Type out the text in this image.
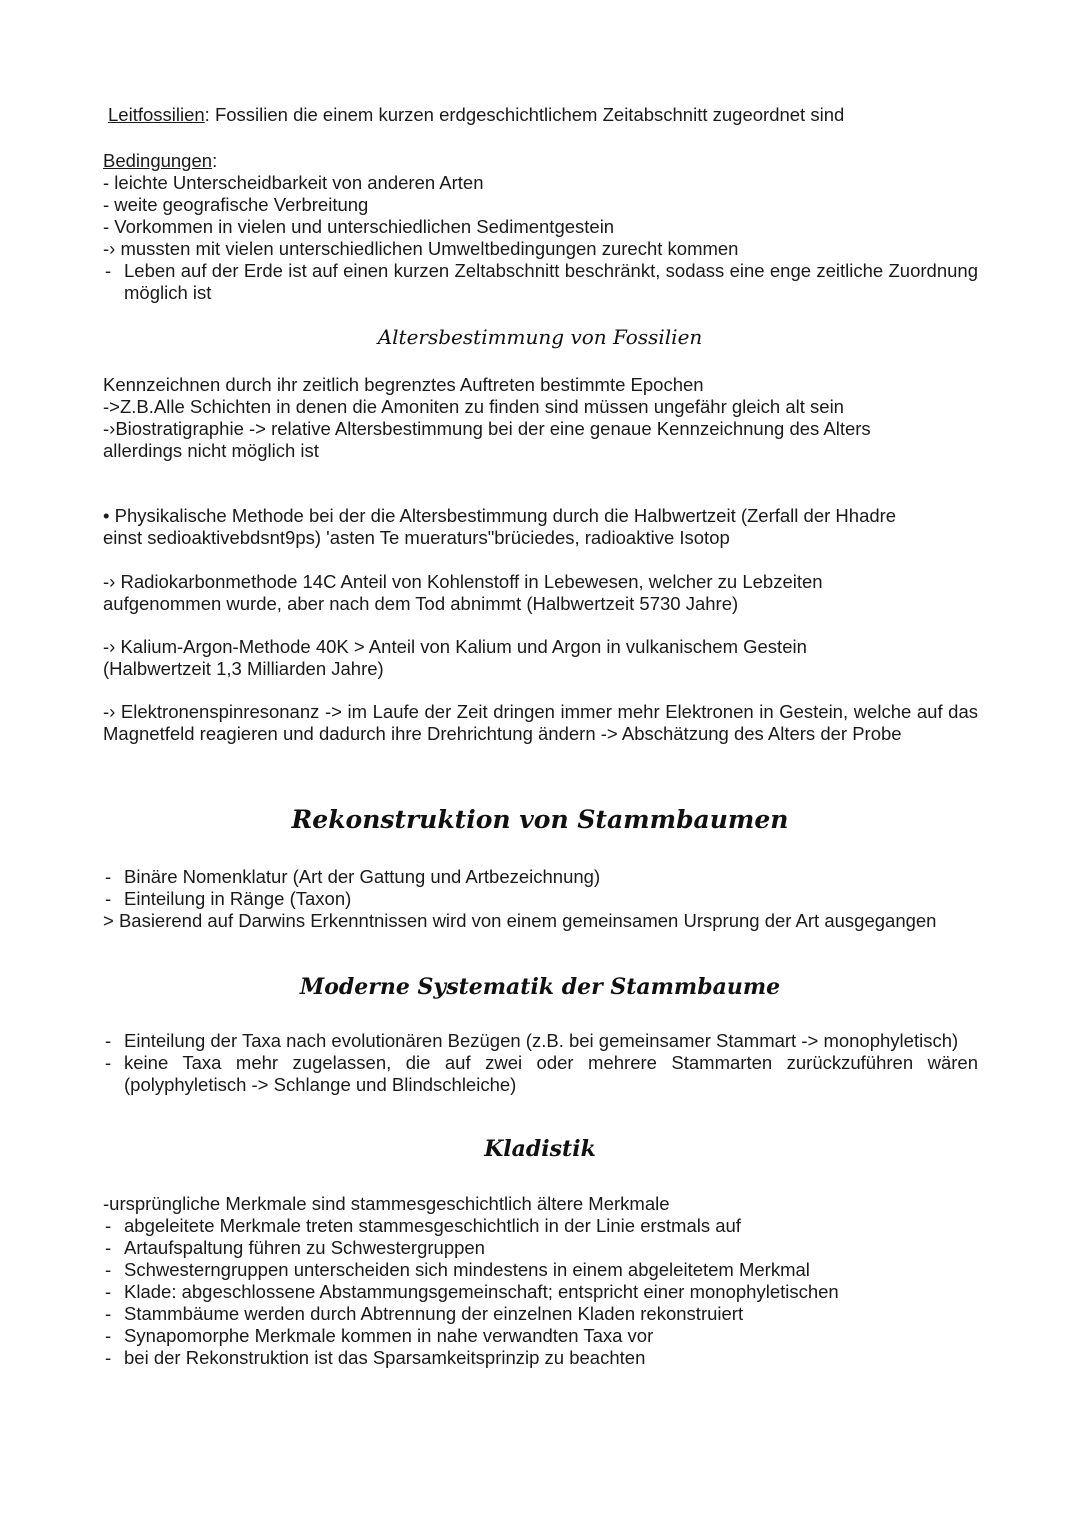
Leitfossilien: Fossilien die einem kurzen erdgeschichtlichem Zeitabschnitt zugeordnet sind

Bedingungen:
- leichte Unterscheidbarkeit von anderen Arten
- weite geografische Verbreitung
- Vorkommen in vielen und unterschiedlichen Sedimentgestein
-› mussten mit vielen unterschiedlichen Umweltbedingungen zurecht kommen
- Leben auf der Erde ist auf einen kurzen Zeltabschnitt beschränkt, sodass eine enge zeitliche Zuordnung möglich ist
Altersbestimmung von Fossilien

Kennzeichnen durch ihr zeitlich begrenztes Auftreten bestimmte Epochen
->Z.B.Alle Schichten in denen die Amoniten zu finden sind müssen ungefähr gleich alt sein
-›Biostratigraphie -> relative Altersbestimmung bei der eine genaue Kennzeichnung des Alters allerdings nicht möglich ist

• Physikalische Methode bei der die Altersbestimmung durch die Halbwertzeit (Zerfall der Hhadre einst sedioaktivebdsnt9ps) 'asten Te mueraturs"brüciedes, radioaktive Isotop

-› Radiokarbonmethode 14C Anteil von Kohlenstoff in Lebewesen, welcher zu Lebzeiten aufgenommen wurde, aber nach dem Tod abnimmt (Halbwertzeit 5730 Jahre)

-› Kalium-Argon-Methode 40K > Anteil von Kalium und Argon in vulkanischem Gestein (Halbwertzeit 1,3 Milliarden Jahre)

-› Elektronenspinresonanz -> im Laufe der Zeit dringen immer mehr Elektronen in Gestein, welche auf das Magnetfeld reagieren und dadurch ihre Drehrichtung ändern -> Abschätzung des Alters der Probe

Rekonstruktion von Stammbaumen
- Binäre Nomenklatur (Art der Gattung und Artbezeichnung)
- Einteilung in Ränge (Taxon)
> Basierend auf Darwins Erkenntnissen wird von einem gemeinsamen Ursprung der Art ausgegangen
Moderne Systematik der Stammbaume
- Einteilung der Taxa nach evolutionären Bezügen (z.B. bei gemeinsamer Stammart -> monophyletisch)
- keine Taxa mehr zugelassen, die auf zwei oder mehrere Stammarten zurückzuführen wären (polyphyletisch -> Schlange und Blindschleiche)
Kladistik
-ursprüngliche Merkmale sind stammesgeschichtlich ältere Merkmale
- abgeleitete Merkmale treten stammesgeschichtlich in der Linie erstmals auf
- Artaufspaltung führen zu Schwestergruppen
- Schwesterngruppen unterscheiden sich mindestens in einem abgeleitetem Merkmal
- Klade: abgeschlossene Abstammungsgemeinschaft; entspricht einer monophyletischen
- Stammbäume werden durch Abtrennung der einzelnen Kladen rekonstruiert
- Synapomorphe Merkmale kommen in nahe verwandten Taxa vor
- bei der Rekonstruktion ist das Sparsamkeitsprinzip zu beachten
